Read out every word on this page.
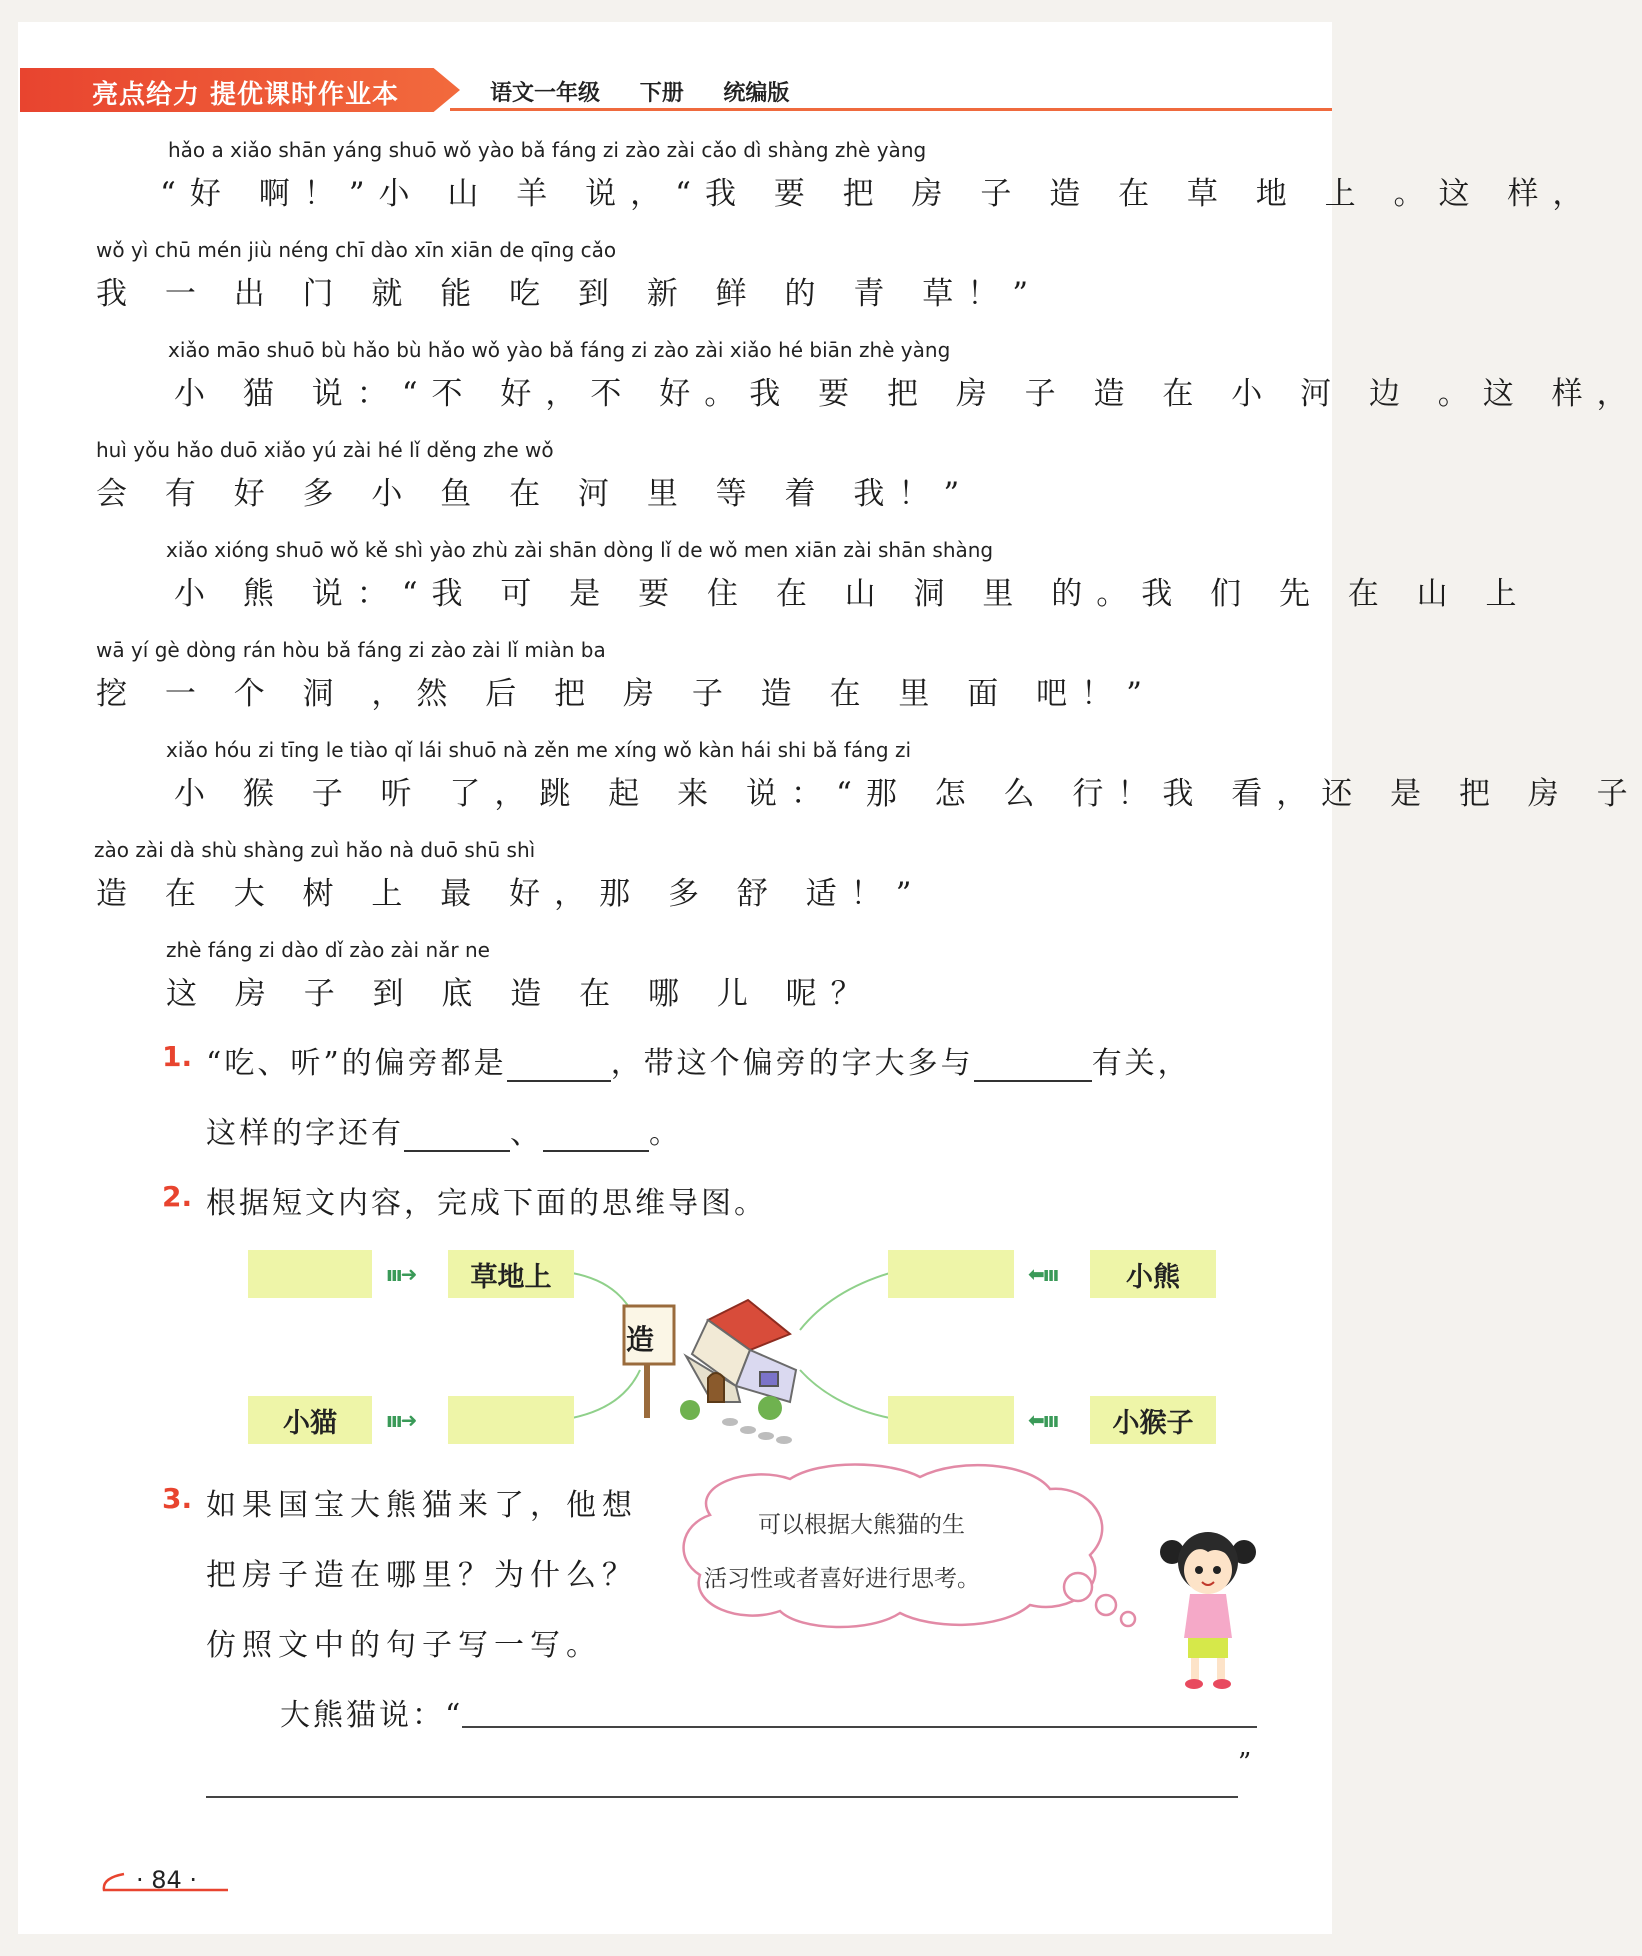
亮点给力 提优课时作业本	语文一年级 下册 统编版
hǎo a xiǎo shān yáng shuō wǒ yào bǎ fáng zi zào zài cǎo dì shàng zhè yàng
“好 啊！”小 山 羊 说，“我 要 把 房 子 造 在 草 地 上 。这 样，
wǒ yì chū mén jiù néng chī dào xīn xiān de qīng cǎo
我 一 出 门 就 能 吃 到 新 鲜 的 青 草！”
xiǎo māo shuō bù hǎo bù hǎo wǒ yào bǎ fáng zi zào zài xiǎo hé biān zhè yàng
小 猫 说：“不 好，不 好。我 要 把 房 子 造 在 小 河 边 。这 样，
huì yǒu hǎo duō xiǎo yú zài hé lǐ děng zhe wǒ
会 有 好 多 小 鱼 在 河 里 等 着 我！”
xiǎo xióng shuō wǒ kě shì yào zhù zài shān dòng lǐ de wǒ men xiān zài shān shàng
小 熊 说：“我 可 是 要 住 在 山 洞 里 的。我 们 先 在 山 上
wā yí gè dòng rán hòu bǎ fáng zi zào zài lǐ miàn ba
挖 一 个 洞 ，然 后 把 房 子 造 在 里 面 吧！”
xiǎo hóu zi tīng le tiào qǐ lái shuō nà zěn me xíng wǒ kàn hái shi bǎ fáng zi
小 猴 子 听 了，跳 起 来 说：“那 怎 么 行！我 看，还 是 把 房 子
zào zài dà shù shàng zuì hǎo nà duō shū shì
造 在 大 树 上 最 好，那 多 舒 适！”
zhè fáng zi dào dǐ zào zài nǎr ne
这 房 子 到 底 造 在 哪 儿 呢？
1. “吃、听”的偏旁都是	，带这个偏旁的字大多与	有关，
这样的字还有	、	。
2. 根据短文内容，完成下面的思维导图。
ııı➜	草地上
小猫	ııı➜
⬅ııı	小熊
⬅ııı	小猴子
造
3. 如果国宝大熊猫来了，他想
把房子造在哪里？为什么？
仿照文中的句子写一写。
可以根据大熊猫的生
活习性或者喜好进行思考。
大熊猫说：“
”
· 84 ·
